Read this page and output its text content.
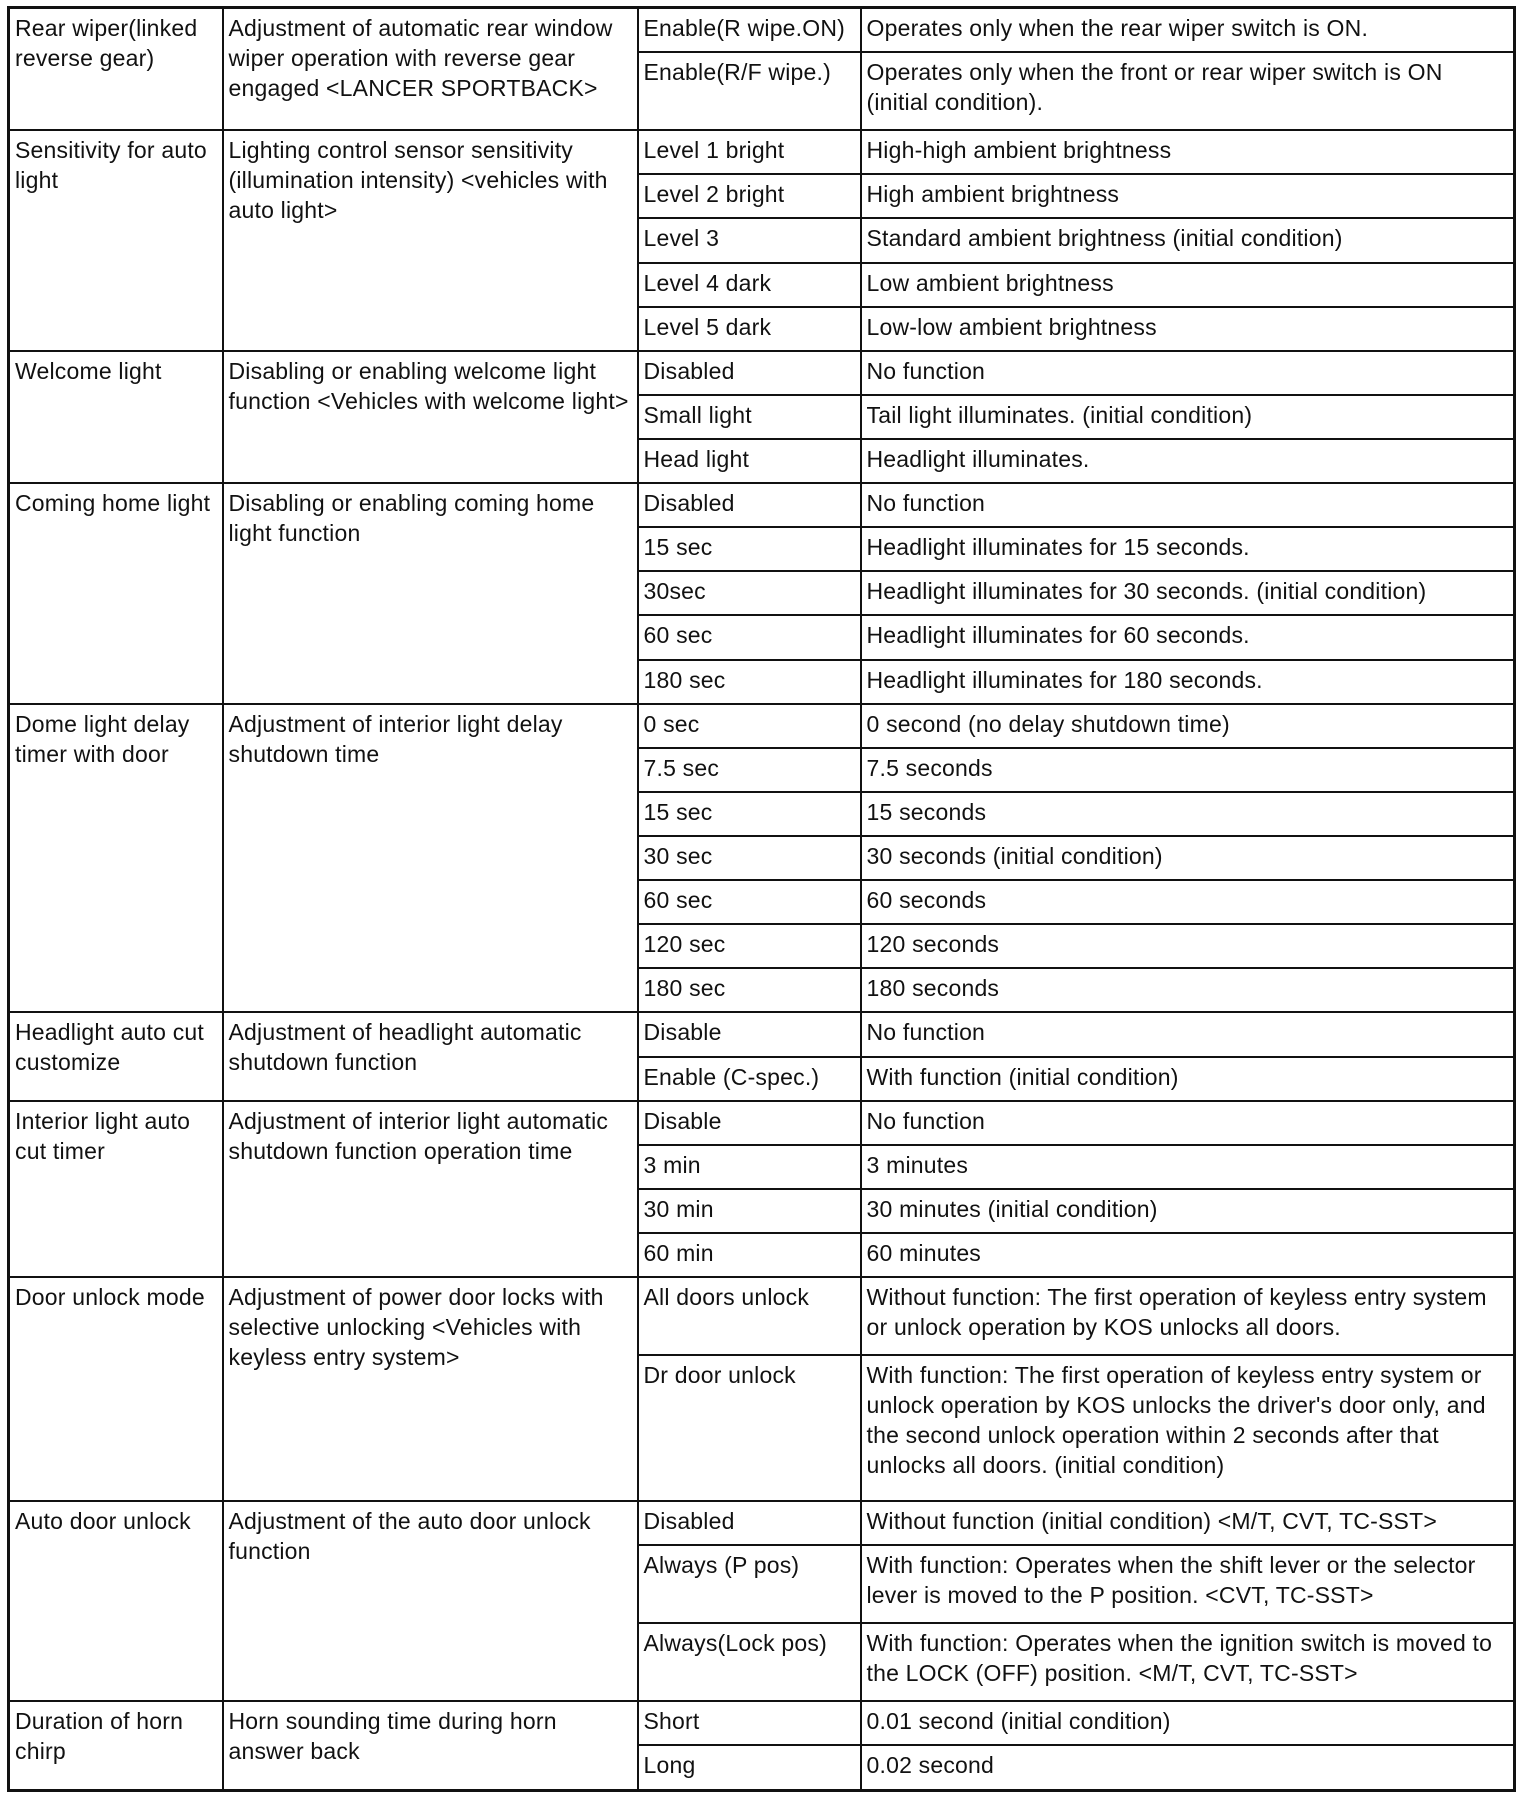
Rear wiper(linked reverse gear)	Adjustment of automatic rear window wiper operation with reverse gear engaged <LANCER SPORTBACK>	Enable(R wipe.ON)	Operates only when the rear wiper switch is ON.
		Enable(R/F wipe.)	Operates only when the front or rear wiper switch is ON (initial condition).
Sensitivity for auto light	Lighting control sensor sensitivity (illumination intensity) <vehicles with auto light>	Level 1 bright	High-high ambient brightness
		Level 2 bright	High ambient brightness
		Level 3	Standard ambient brightness (initial condition)
		Level 4 dark	Low ambient brightness
		Level 5 dark	Low-low ambient brightness
Welcome light	Disabling or enabling welcome light function <Vehicles with welcome light>	Disabled	No function
		Small light	Tail light illuminates. (initial condition)
		Head light	Headlight illuminates.
Coming home light	Disabling or enabling coming home light function	Disabled	No function
		15 sec	Headlight illuminates for 15 seconds.
		30sec	Headlight illuminates for 30 seconds. (initial condition)
		60 sec	Headlight illuminates for 60 seconds.
		180 sec	Headlight illuminates for 180 seconds.
Dome light delay timer with door	Adjustment of interior light delay shutdown time	0 sec	0 second (no delay shutdown time)
		7.5 sec	7.5 seconds
		15 sec	15 seconds
		30 sec	30 seconds (initial condition)
		60 sec	60 seconds
		120 sec	120 seconds
		180 sec	180 seconds
Headlight auto cut customize	Adjustment of headlight automatic shutdown function	Disable	No function
		Enable (C-spec.)	With function (initial condition)
Interior light auto cut timer	Adjustment of interior light automatic shutdown function operation time	Disable	No function
		3 min	3 minutes
		30 min	30 minutes (initial condition)
		60 min	60 minutes
Door unlock mode	Adjustment of power door locks with selective unlocking <Vehicles with keyless entry system>	All doors unlock	Without function: The first operation of keyless entry system or unlock operation by KOS unlocks all doors.
		Dr door unlock	With function: The first operation of keyless entry system or unlock operation by KOS unlocks the driver's door only, and the second unlock operation within 2 seconds after that unlocks all doors. (initial condition)
Auto door unlock	Adjustment of the auto door unlock function	Disabled	Without function (initial condition) <M/T, CVT, TC-SST>
		Always (P pos)	With function: Operates when the shift lever or the selector lever is moved to the P position. <CVT, TC-SST>
		Always(Lock pos)	With function: Operates when the ignition switch is moved to the LOCK (OFF) position. <M/T, CVT, TC-SST>
Duration of horn chirp	Horn sounding time during horn answer back	Short	0.01 second (initial condition)
		Long	0.02 second
